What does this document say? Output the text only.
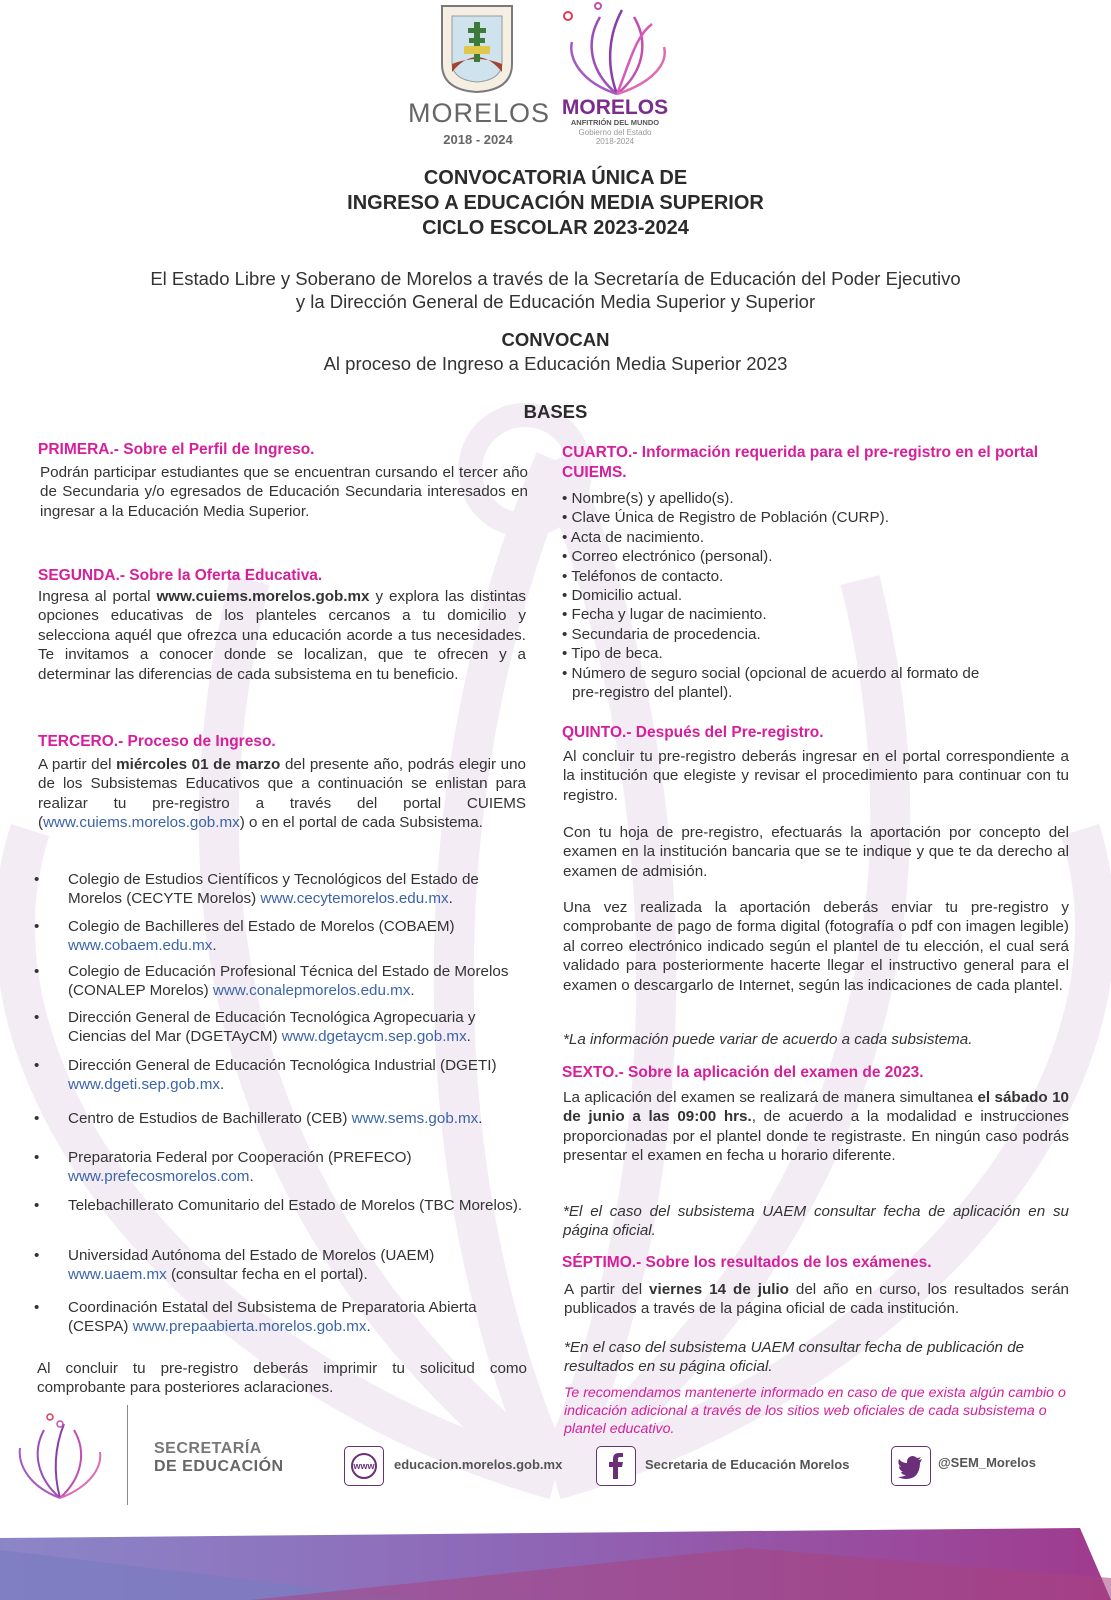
MORELOS
2018 - 2024
MORELOS
ANFITRIÓN DEL MUNDO
Gobierno del Estado
2018-2024
CONVOCATORIA ÚNICA DE
INGRESO A EDUCACIÓN MEDIA SUPERIOR
CICLO ESCOLAR 2023-2024
El Estado Libre y Soberano de Morelos a través de la Secretaría de Educación del Poder Ejecutivo
y la Dirección General de Educación Media Superior y Superior
CONVOCAN
Al proceso de Ingreso a Educación Media Superior 2023
BASES
PRIMERA.- Sobre el Perfil de Ingreso.
Podrán participar estudiantes que se encuentran cursando el tercer año de Secundaria y/o egresados de Educación Secundaria interesados en ingresar a la Educación Media Superior.
SEGUNDA.- Sobre la Oferta Educativa.
Ingresa al portal www.cuiems.morelos.gob.mx y explora las distintas opciones educativas de los planteles cercanos a tu domicilio y selecciona aquél que ofrezca una educación acorde a tus necesidades. Te invitamos a conocer donde se localizan, que te ofrecen y a determinar las diferencias de cada subsistema en tu beneficio.
TERCERO.- Proceso de Ingreso.
A partir del miércoles 01 de marzo del presente año, podrás elegir uno de los Subsistemas Educativos que a continuación se enlistan para realizar tu pre-registro a través del portal CUIEMS (www.cuiems.morelos.gob.mx) o en el portal de cada Subsistema.
• Colegio de Estudios Científicos y Tecnológicos del Estado de Morelos (CECYTE Morelos) www.cecytemorelos.edu.mx.
• Colegio de Bachilleres del Estado de Morelos (COBAEM) www.cobaem.edu.mx.
• Colegio de Educación Profesional Técnica del Estado de Morelos (CONALEP Morelos) www.conalepmorelos.edu.mx.
• Dirección General de Educación Tecnológica Agropecuaria y Ciencias del Mar (DGETAyCM) www.dgetaycm.sep.gob.mx.
• Dirección General de Educación Tecnológica Industrial (DGETI) www.dgeti.sep.gob.mx.
• Centro de Estudios de Bachillerato (CEB) www.sems.gob.mx.
• Preparatoria Federal por Cooperación (PREFECO) www.prefecosmorelos.com.
• Telebachillerato Comunitario del Estado de Morelos (TBC Morelos).
• Universidad Autónoma del Estado de Morelos (UAEM) www.uaem.mx (consultar fecha en el portal).
• Coordinación Estatal del Subsistema de Preparatoria Abierta (CESPA) www.prepaabierta.morelos.gob.mx.
Al concluir tu pre-registro deberás imprimir tu solicitud como comprobante para posteriores aclaraciones.
CUARTO.- Información requerida para el pre-registro en el portal CUIEMS.
• Nombre(s) y apellido(s).
• Clave Única de Registro de Población (CURP).
• Acta de nacimiento.
• Correo electrónico (personal).
• Teléfonos de contacto.
• Domicilio actual.
• Fecha y lugar de nacimiento.
• Secundaria de procedencia.
• Tipo de beca.
• Número de seguro social (opcional de acuerdo al formato de
pre-registro del plantel).
QUINTO.- Después del Pre-registro.
Al concluir tu pre-registro deberás ingresar en el portal correspondiente a la institución que elegiste y revisar el procedimiento para continuar con tu registro.
Con tu hoja de pre-registro, efectuarás la aportación por concepto del examen en la institución bancaria que se te indique y que te da derecho al examen de admisión.
Una vez realizada la aportación deberás enviar tu pre-registro y comprobante de pago de forma digital (fotografía o pdf con imagen legible) al correo electrónico indicado según el plantel de tu elección, el cual será validado para posteriormente hacerte llegar el instructivo general para el examen o descargarlo de Internet, según las indicaciones de cada plantel.
*La información puede variar de acuerdo a cada subsistema.
SEXTO.- Sobre la aplicación del examen de 2023.
La aplicación del examen se realizará de manera simultanea el sábado 10 de junio a las 09:00 hrs., de acuerdo a la modalidad e instrucciones proporcionadas por el plantel donde te registraste. En ningún caso podrás presentar el examen en fecha u horario diferente.
*El el caso del subsistema UAEM consultar fecha de aplicación en su página oficial.
SÉPTIMO.- Sobre los resultados de los exámenes.
A partir del viernes 14 de julio del año en curso, los resultados serán publicados a través de la página oficial de cada institución.
*En el caso del subsistema UAEM consultar fecha de publicación de resultados en su página oficial.
Te recomendamos mantenerte informado en caso de que exista algún cambio o indicación adicional a través de los sitios web oficiales de cada subsistema o plantel educativo.
SECRETARÍA
DE EDUCACIÓN	www educacion.morelos.gob.mx	Secretaria de Educación Morelos	@SEM_Morelos
